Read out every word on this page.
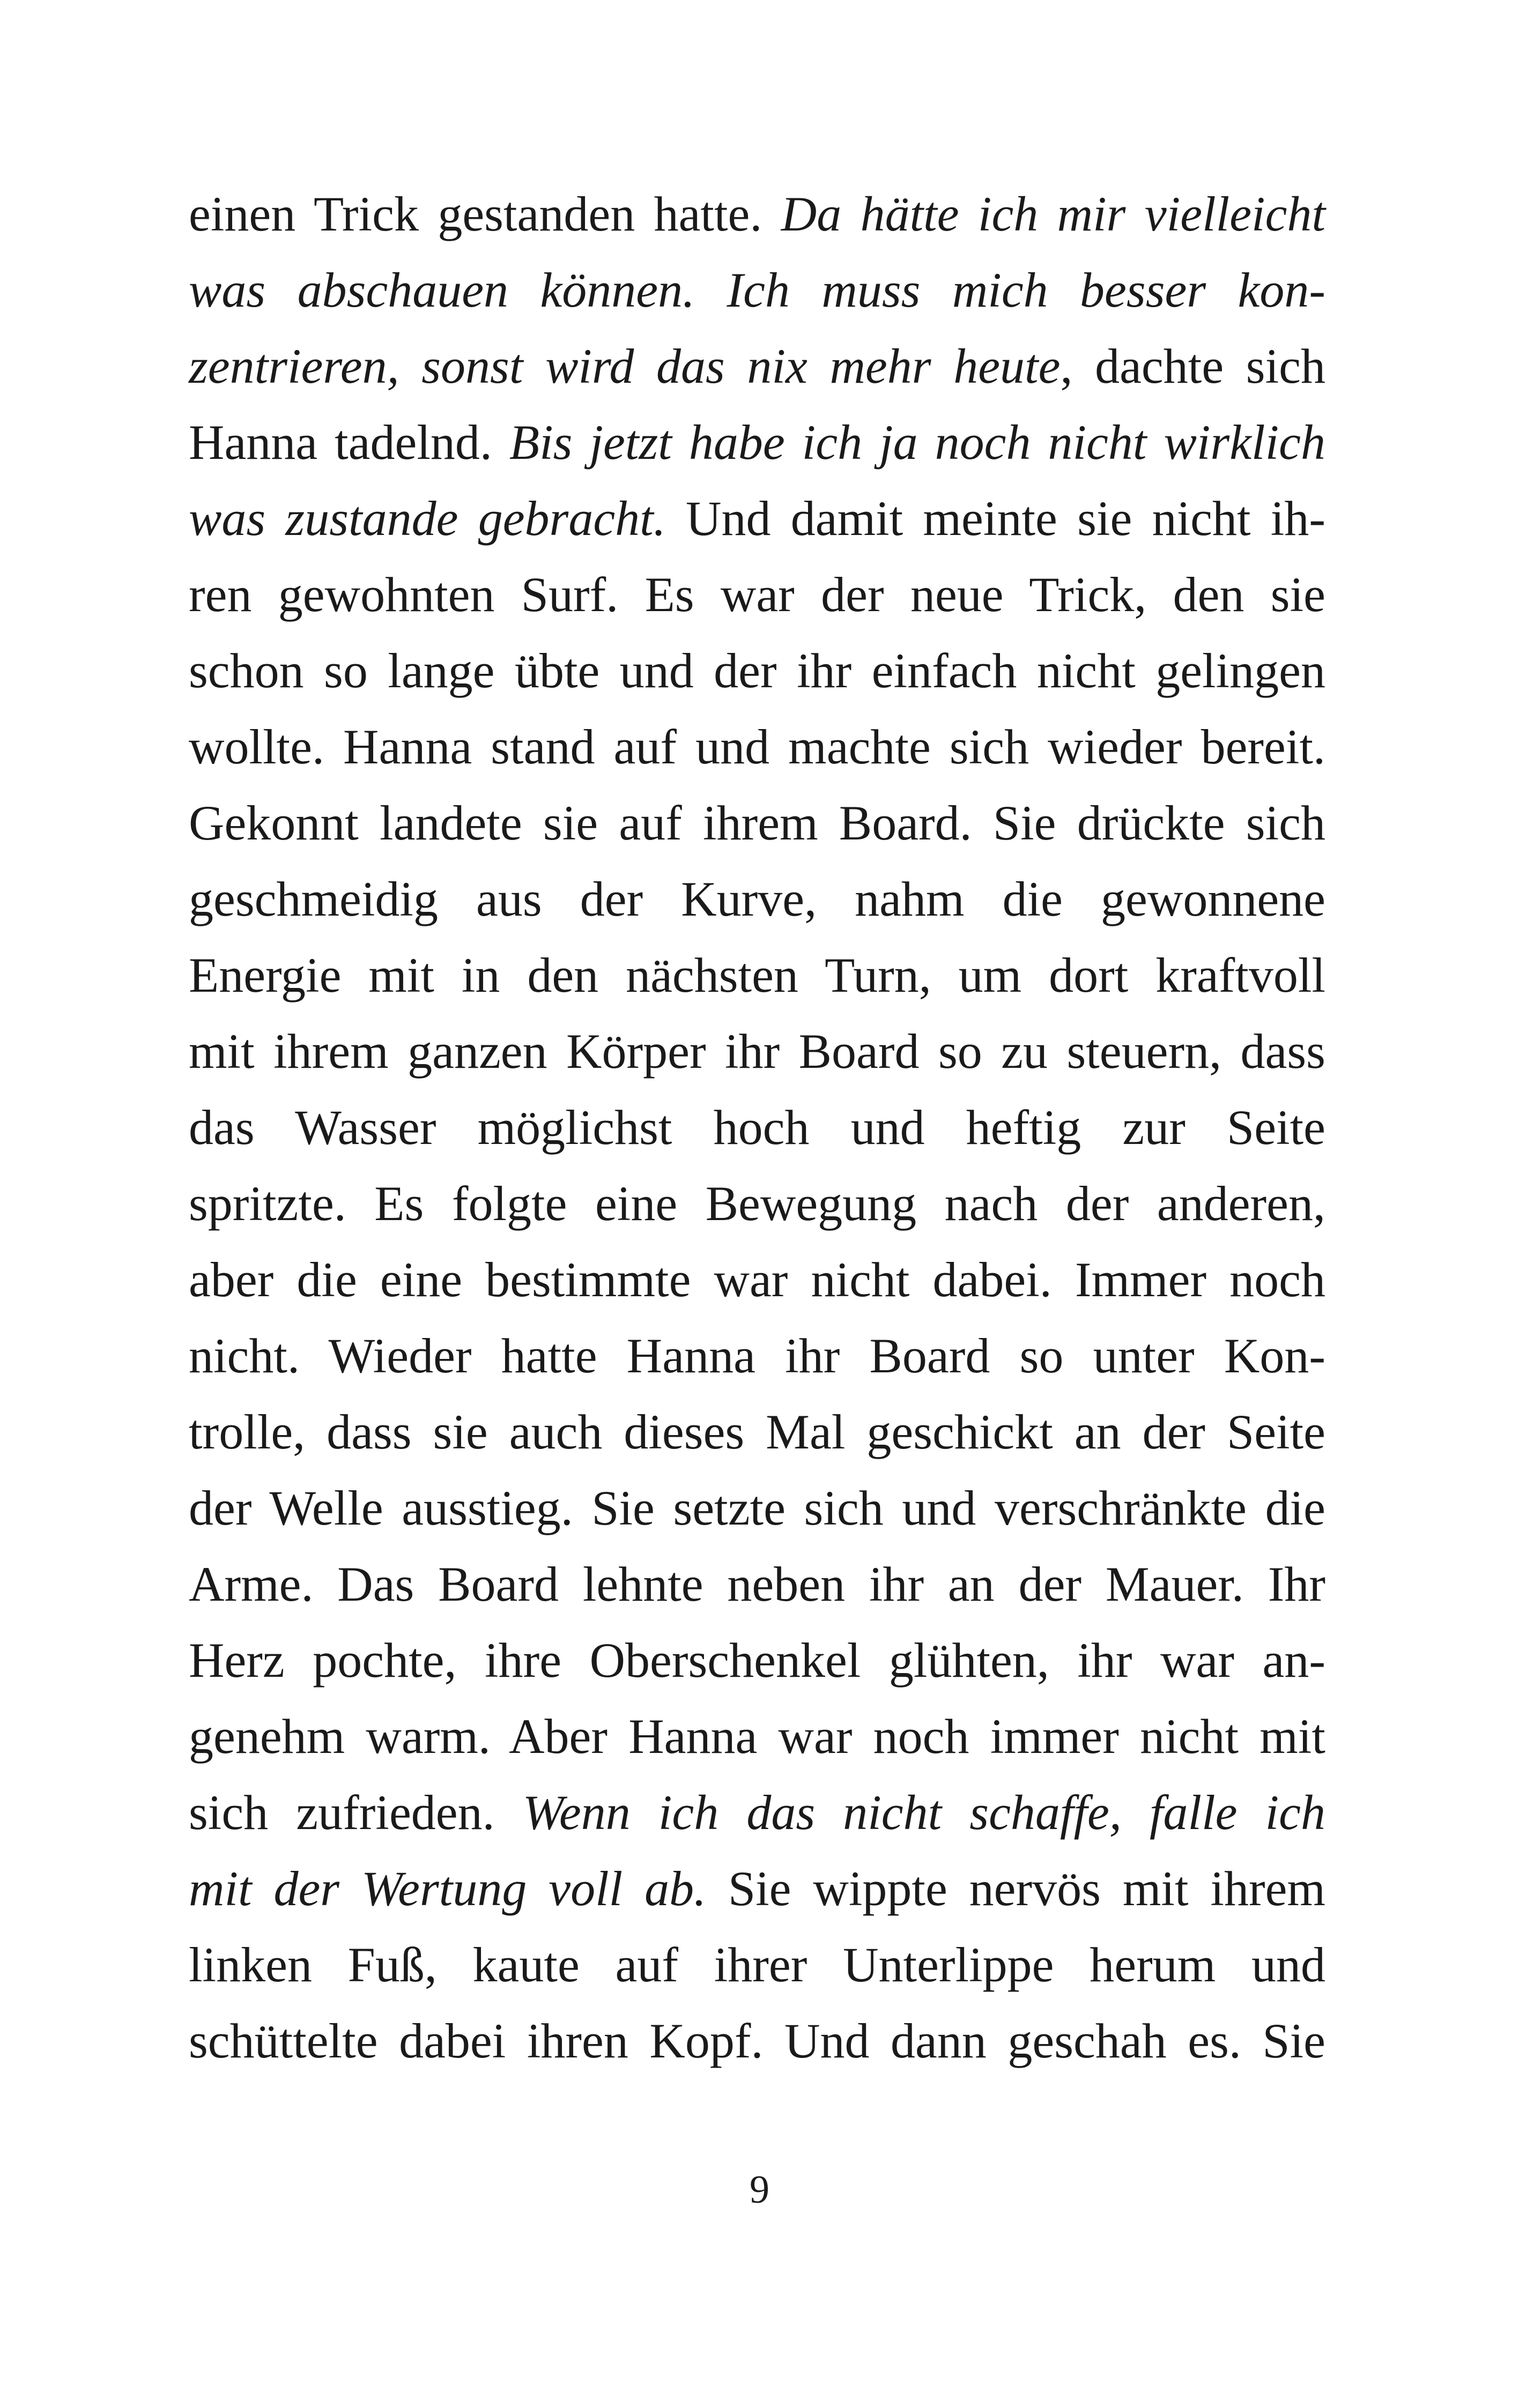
einen Trick gestanden hatte. Da hätte ich mir vielleicht
was abschauen können. Ich muss mich besser kon-
zentrieren, sonst wird das nix mehr heute, dachte sich
Hanna tadelnd. Bis jetzt habe ich ja noch nicht wirklich
was zustande gebracht. Und damit meinte sie nicht ih-
ren gewohnten Surf. Es war der neue Trick, den sie
schon so lange übte und der ihr einfach nicht gelingen
wollte. Hanna stand auf und machte sich wieder bereit.
Gekonnt landete sie auf ihrem Board. Sie drückte sich
geschmeidig aus der Kurve, nahm die gewonnene
Energie mit in den nächsten Turn, um dort kraftvoll
mit ihrem ganzen Körper ihr Board so zu steuern, dass
das Wasser möglichst hoch und heftig zur Seite
spritzte. Es folgte eine Bewegung nach der anderen,
aber die eine bestimmte war nicht dabei. Immer noch
nicht. Wieder hatte Hanna ihr Board so unter Kon-
trolle, dass sie auch dieses Mal geschickt an der Seite
der Welle ausstieg. Sie setzte sich und verschränkte die
Arme. Das Board lehnte neben ihr an der Mauer. Ihr
Herz pochte, ihre Oberschenkel glühten, ihr war an-
genehm warm. Aber Hanna war noch immer nicht mit
sich zufrieden. Wenn ich das nicht schaffe, falle ich
mit der Wertung voll ab. Sie wippte nervös mit ihrem
linken Fuß, kaute auf ihrer Unterlippe herum und
schüttelte dabei ihren Kopf. Und dann geschah es. Sie
9
